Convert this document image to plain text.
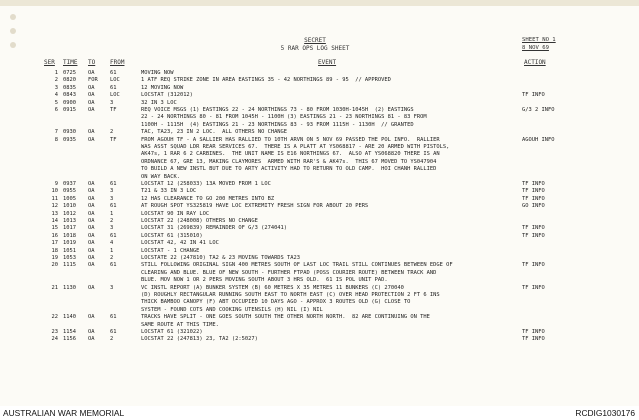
SECRET
5 RAR OPS LOG SHEET
SHEET NO 1
8 NOV 69
SER TIME TO FROM	EVENT	ACTION
1 0725 OA	61	MOVING NOW
2 0820 FOR LOC	1 ATF REQ STRIKE ZONE IN AREA EASTINGS 35 - 42 NORTHINGS 89 - 95  // APPROVED
3 0835 OA	61	12 MOVING NOW
4 0843 OA	LOC	LOCSTAT (312012)	TF INFO
5 0900 OA	3	32 IN 3 LOC
6 0915 OA	TF	REQ VOICE MSGS (1) EASTINGS 22 - 24 NORTHINGS 73 - 80 FROM 1030H-1045H  (2) EASTINGS
22 - 24 NORTHINGS 80 - 81 FROM 1045H - 1100H (3) EASTINGS 21 - 23 NORTHINGS 81 - 83 FROM
1100H - 1115H  (4) EASTINGS 21 - 23 NORTHINGS 83 - 93 FROM 1115H - 1130H  // GRANTED
G/3 2 INFO
7 0930 OA	2	TAC, TA23, 23 IN 2 LOC.  ALL OTHERS NO CHANGE
8 0935 OA	TF	FROM AGOUH TF - A SALLIER HAS RALLIED TO 10TH ARVN ON 5 NOV 69 PASSED THE POL INFO.  RALLIER
WAS ASST SQUAD LDR REAR SERVICES 67.  THERE IS A PLATT AT YS068817 - ARE 20 ARMED WITH PISTOLS,
AK47s, 1 RAR 6 2 CARBINES.  THE UNIT NAME IS E16 NORTHINGS 67.  ALSO AT YS068820 THERE IS AN
ORDNANCE 67, GRE 13, MAKING CLAYMORES  ARMED WITH RAR'S & AK47s.  THIS 67 MOVED TO YS047904
TO BUILD A NEW INSTL BUT DUE TO ARTY ACTIVITY HAD TO RETURN TO OLD CAMP.  HOI CHANH RALLIED
ON WAY BACK.
AGOUH INFO
9 0937 OA	61	LOCSTAT 12 (258033) 13A MOVED FROM 1 LOC	TF INFO
10 0955 OA	3	T21 & 33 IN 3 LOC	TF INFO
11 1005 OA	3	12 HAS CLEARANCE TO GO 200 METRES INTO BZ	TF INFO
12 1010 OA	61	AT ROUGH SPOT YS325819 HAVE LOC EXTREMITY FRESH SIGN FOR ABOUT 20 PERS	GO INFO
13 1012 OA	1	LOCSTAT 90 IN RAY LOC
14 1013 OA	2	LOCSTAT 22 (248008) OTHERS NO CHANGE
15 1017 OA	3	LOCSTAT 31 (269839) REMAINDER OF G/3 (274041)	TF INFO
16 1018 OA	61	LOCSTAT 61 (315010)	TF INFO
17 1019 OA	4	LOCSTAT 42, 42 IN 41 LOC
18 1051 OA	1	LOCSTAT - 1 CHANGE
19 1053 OA	2	LOCSTATE 22 (247810) TA2 & 23 MOVING TOWARDS TA23
20 1115 OA	61	STILL FOLLOWING ORIGINAL SIGN 400 METRES SOUTH OF LAST LOC TRAIL STILL CONTINUES BETWEEN EDGE OF
CLEARING AND BLUE. BLUE OF NEW SOUTH - FURTHER FTPAD (POSS COURIER ROUTE) BETWEEN TRACK AND
BLUE. MOV NOW 1 OR 2 PERS MOVING SOUTH ABOUT 3 HRS OLD.  61 IS POL UNIT PAD.
TF INFO
21 1130 OA	3	VC INSTL REPORT (A) BUNKER SYSTEM (B) 60 METRES X 35 METRES 11 BUNKERS (C) 270040
(D) ROUGHLY RECTANGULAR RUNNING SOUTH EAST TO NORTH EAST (C) OVER HEAD PROTECTION 2 FT 6 INS
THICK BAMBOO CANOPY (F) ABT OCCUPIED 10 DAYS AGO - APPROX 3 ROUTES OLD (G) CLOSE TO
SYSTEM - FOUND COTS AND COOKING UTENSILS (H) NIL (I) NIL
TF INFO
22 1140 OA	61	TRACKS HAVE SPLIT - ONE GOES SOUTH SOUTH THE OTHER NORTH NORTH.  82 ARE CONTINUING ON THE
SAME ROUTE AT THIS TIME.
23 1154 OA	61	LOCSTAT 61 (321022)	TF INFO
24 1156 OA	2	LOCSTAT 22 (247813) 23, TA2 (2:5027)	TF INFO
AUSTRALIAN WAR MEMORIAL	RCDIG1030176
